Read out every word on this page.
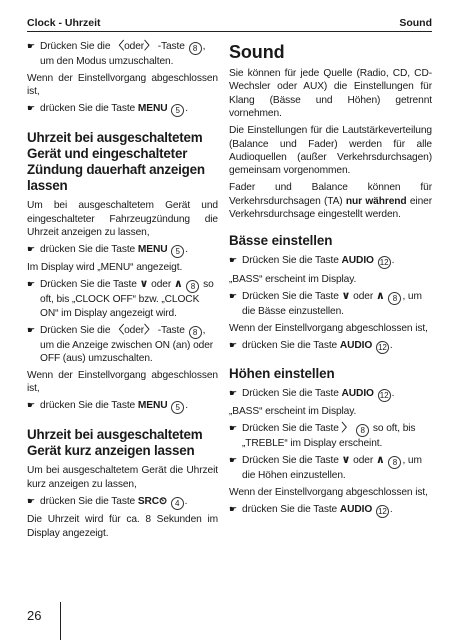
Clock - Uhrzeit	Sound
☛ Drücken Sie die 〈oder〉 -Taste 8 , um den Modus umzuschalten.

Wenn der Einstellvorgang abgeschlossen ist,

☛ drücken Sie die Taste MENU 5 .
Uhrzeit bei ausgeschaltetem Gerät und eingeschalteter Zündung dauerhaft anzeigen lassen

Um bei ausgeschaltetem Gerät und eingeschalteter Fahrzeugzündung die Uhrzeit anzeigen zu lassen,

☛ drücken Sie die Taste MENU 5 .

Im Display wird „MENU“ angezeigt.

☛ Drücken Sie die Taste ∨ oder ∧ 8 so oft, bis „CLOCK OFF“ bzw. „CLOCK ON“ im Display angezeigt wird.
☛ Drücken Sie die 〈oder〉 -Taste 8 , um die Anzeige zwischen ON (an) oder OFF (aus) umzuschalten.

Wenn der Einstellvorgang abgeschlossen ist,

☛ drücken Sie die Taste MENU 5 .
Uhrzeit bei ausgeschaltetem Gerät kurz anzeigen lassen

Um bei ausgeschaltetem Gerät die Uhrzeit kurz anzeigen zu lassen,

☛ drücken Sie die Taste SRC⏲ 4 .

Die Uhrzeit wird für ca. 8 Sekunden im Display angezeigt.

Sound

Sie können für jede Quelle (Radio, CD, CD-Wechsler oder AUX) die Einstellungen für Klang (Bässe und Höhen) getrennt vornehmen.

Die Einstellungen für die Lautstärkeverteilung (Balance und Fader) werden für alle Audioquellen (außer Verkehrsdurchsagen) gemeinsam vorgenommen.

Fader und Balance können für Verkehrsdurchsagen (TA) nur während einer Verkehrsdurchsage eingestellt werden.

Bässe einstellen
☛ Drücken Sie die Taste AUDIO 12 .

„BASS“ erscheint im Display.

☛ Drücken Sie die Taste ∨ oder ∧ 8 , um die Bässe einzustellen.

Wenn der Einstellvorgang abgeschlossen ist,

☛ drücken Sie die Taste AUDIO 12 .
Höhen einstellen
☛ Drücken Sie die Taste AUDIO 12 .

„BASS“ erscheint im Display.

☛ Drücken Sie die Taste 〉 8 so oft, bis „TREBLE“ im Display erscheint.
☛ Drücken Sie die Taste ∨ oder ∧ 8 , um die Höhen einzustellen.

Wenn der Einstellvorgang abgeschlossen ist,

☛ drücken Sie die Taste AUDIO 12 .
26
